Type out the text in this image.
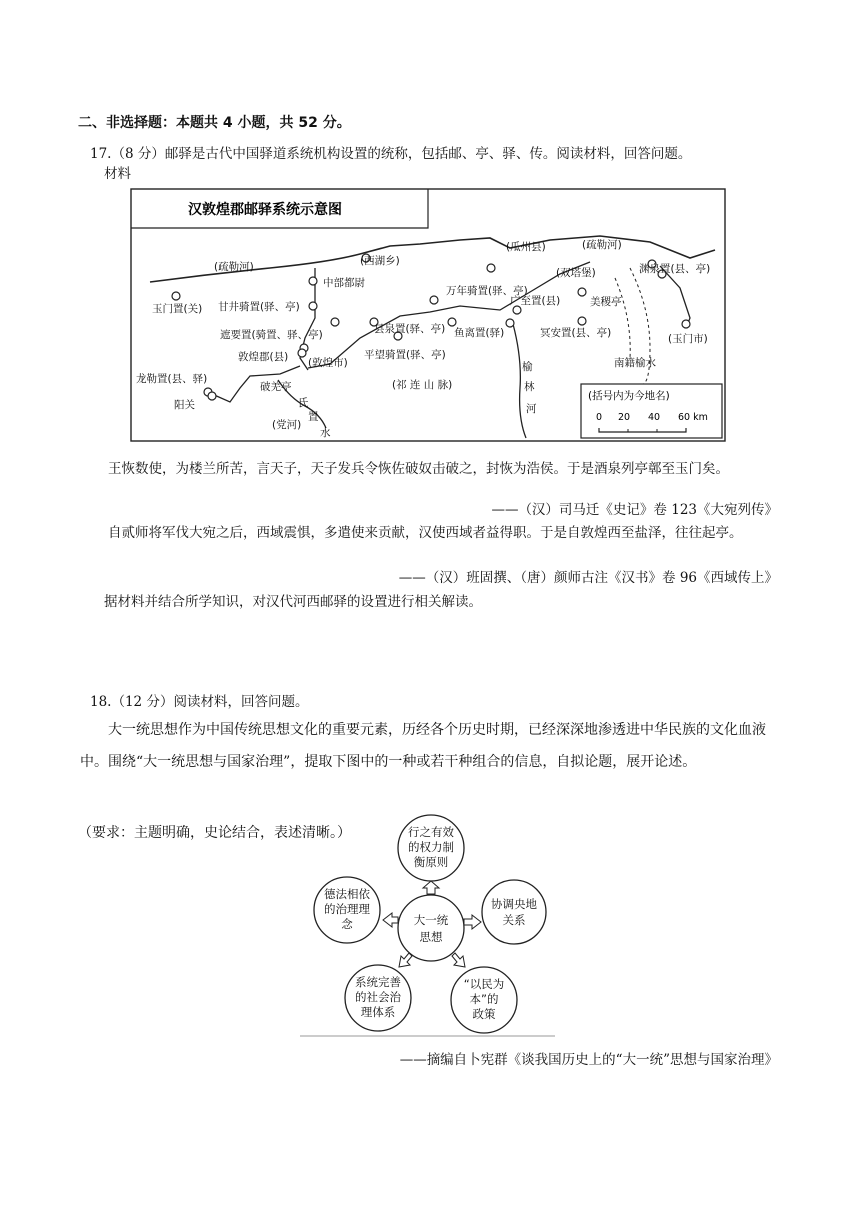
二、非选择题：本题共 4 小题，共 52 分。
17.（8 分）邮驿是古代中国驿道系统机构设置的统称，包括邮、亭、驿、传。阅读材料，回答问题。
材料
汉敦煌郡邮驿系统示意图
(西湖乡)
(瓜州县)	(疏勒河)
(疏勒河)
中部都尉
渊泉置(县、亭)
(双塔堡)
万年骑置(驿、亭)
玉门置(关) 甘井骑置(驿、亭)	广至置(县)	美稷亭
遮要置(骑置、驿、亭)	县泉置(驿、亭) 鱼离置(驿)	冥安置(县、亭)	(玉门市)
敦煌郡(县) (敦煌市)
平望骑置(驿、亭)
(祁 连 山 脉)
南籍榆水
龙勒置(县、驿)
破羌亭
阳关	氏
置
水
(党河)
榆
林
河
(括号内为今地名)
0 20 40 60 km
王恢数使，为楼兰所苦，言天子，天子发兵令恢佐破奴击破之，封恢为浩侯。于是酒泉列亭鄣至玉门矣。
——（汉）司马迁《史记》卷 123《大宛列传》
自贰师将军伐大宛之后，西域震惧，多遣使来贡献，汉使西域者益得职。于是自敦煌西至盐泽，往往起亭。
——（汉）班固撰、（唐）颜师古注《汉书》卷 96《西域传上》
据材料并结合所学知识，对汉代河西邮驿的设置进行相关解读。
18.（12 分）阅读材料，回答问题。
大一统思想作为中国传统思想文化的重要元素，历经各个历史时期，已经深深地渗透进中华民族的文化血液中。围绕“大一统思想与国家治理”，提取下图中的一种或若干种组合的信息，自拟论题，展开论述。
（要求：主题明确，史论结合，表述清晰。）
大一统
思想
行之有效
的权力制
衡原则
德法相依
的治理理
念
协调央地
关系
系统完善
的社会治
理体系
“以民为
本”的
政策
——摘编自卜宪群《谈我国历史上的“大一统”思想与国家治理》
